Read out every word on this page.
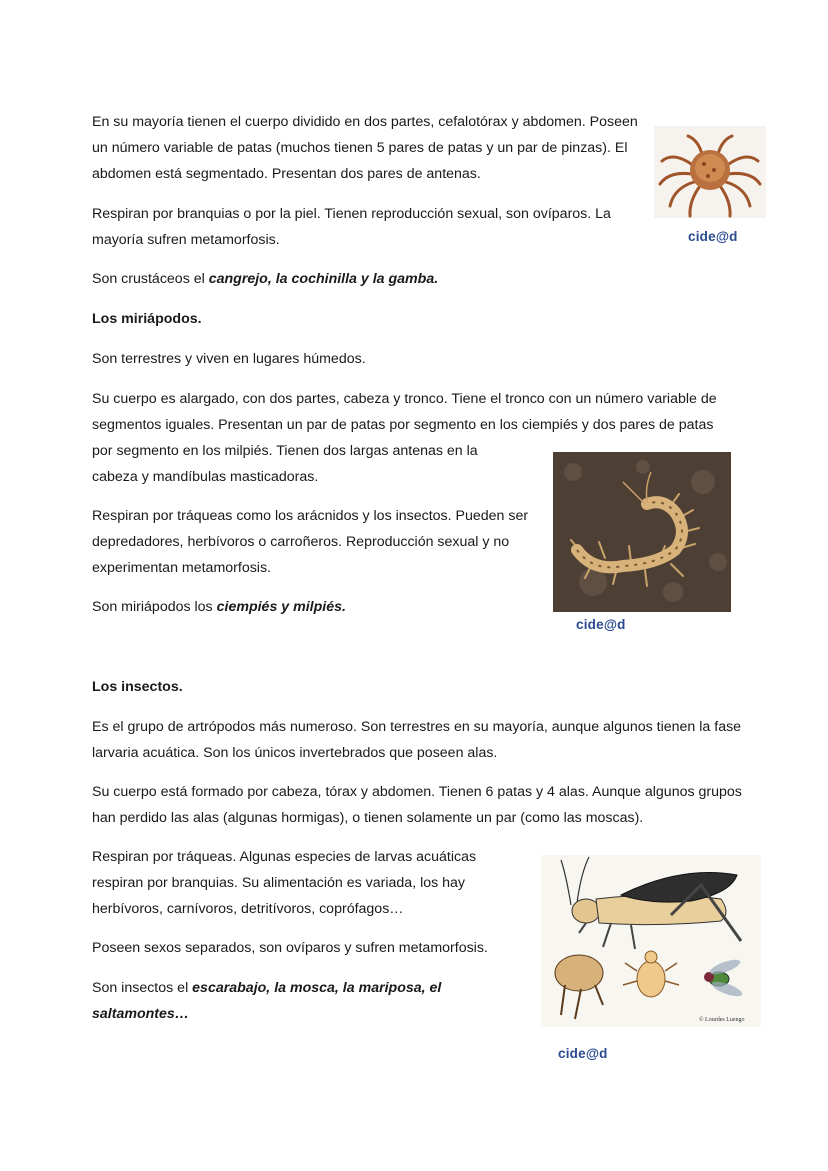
En su mayoría tienen el cuerpo dividido en dos partes, cefalotórax y abdomen. Poseen un número variable de patas (muchos tienen 5 pares de patas y un par de pinzas). El abdomen está segmentado. Presentan dos pares de antenas.

Respiran por branquias o por la piel. Tienen reproducción sexual, son ovíparos. La mayoría sufren metamorfosis.

Son crustáceos el cangrejo, la cochinilla y la gamba.

cide@d

Los miriápodos.

Son terrestres y viven en lugares húmedos.

Su cuerpo es alargado, con dos partes, cabeza y tronco. Tiene el tronco con un número variable de segmentos iguales. Presentan un par de patas por segmento en los ciempiés y dos pares de patas

por segmento en los milpiés. Tienen dos largas antenas en la cabeza y mandíbulas masticadoras.

Respiran por tráqueas como los arácnidos y los insectos. Pueden ser depredadores, herbívoros o carroñeros. Reproducción sexual y no experimentan metamorfosis.

Son miriápodos los ciempiés y milpiés.

cide@d

Los insectos.

Es el grupo de artrópodos más numeroso. Son terrestres en su mayoría, aunque algunos tienen la fase larvaria acuática. Son los únicos invertebrados que poseen alas.

Su cuerpo está formado por cabeza, tórax y abdomen. Tienen 6 patas y 4 alas. Aunque algunos grupos han perdido las alas (algunas hormigas), o tienen solamente un par (como las moscas).

Respiran por tráqueas. Algunas especies de larvas acuáticas respiran por branquias. Su alimentación es variada, los hay herbívoros, carnívoros, detritívoros, coprófagos…

Poseen sexos separados, son ovíparos y sufren metamorfosis.

Son insectos el escarabajo, la mosca, la mariposa, el saltamontes…	© Lourdes Luengo
cide@d
